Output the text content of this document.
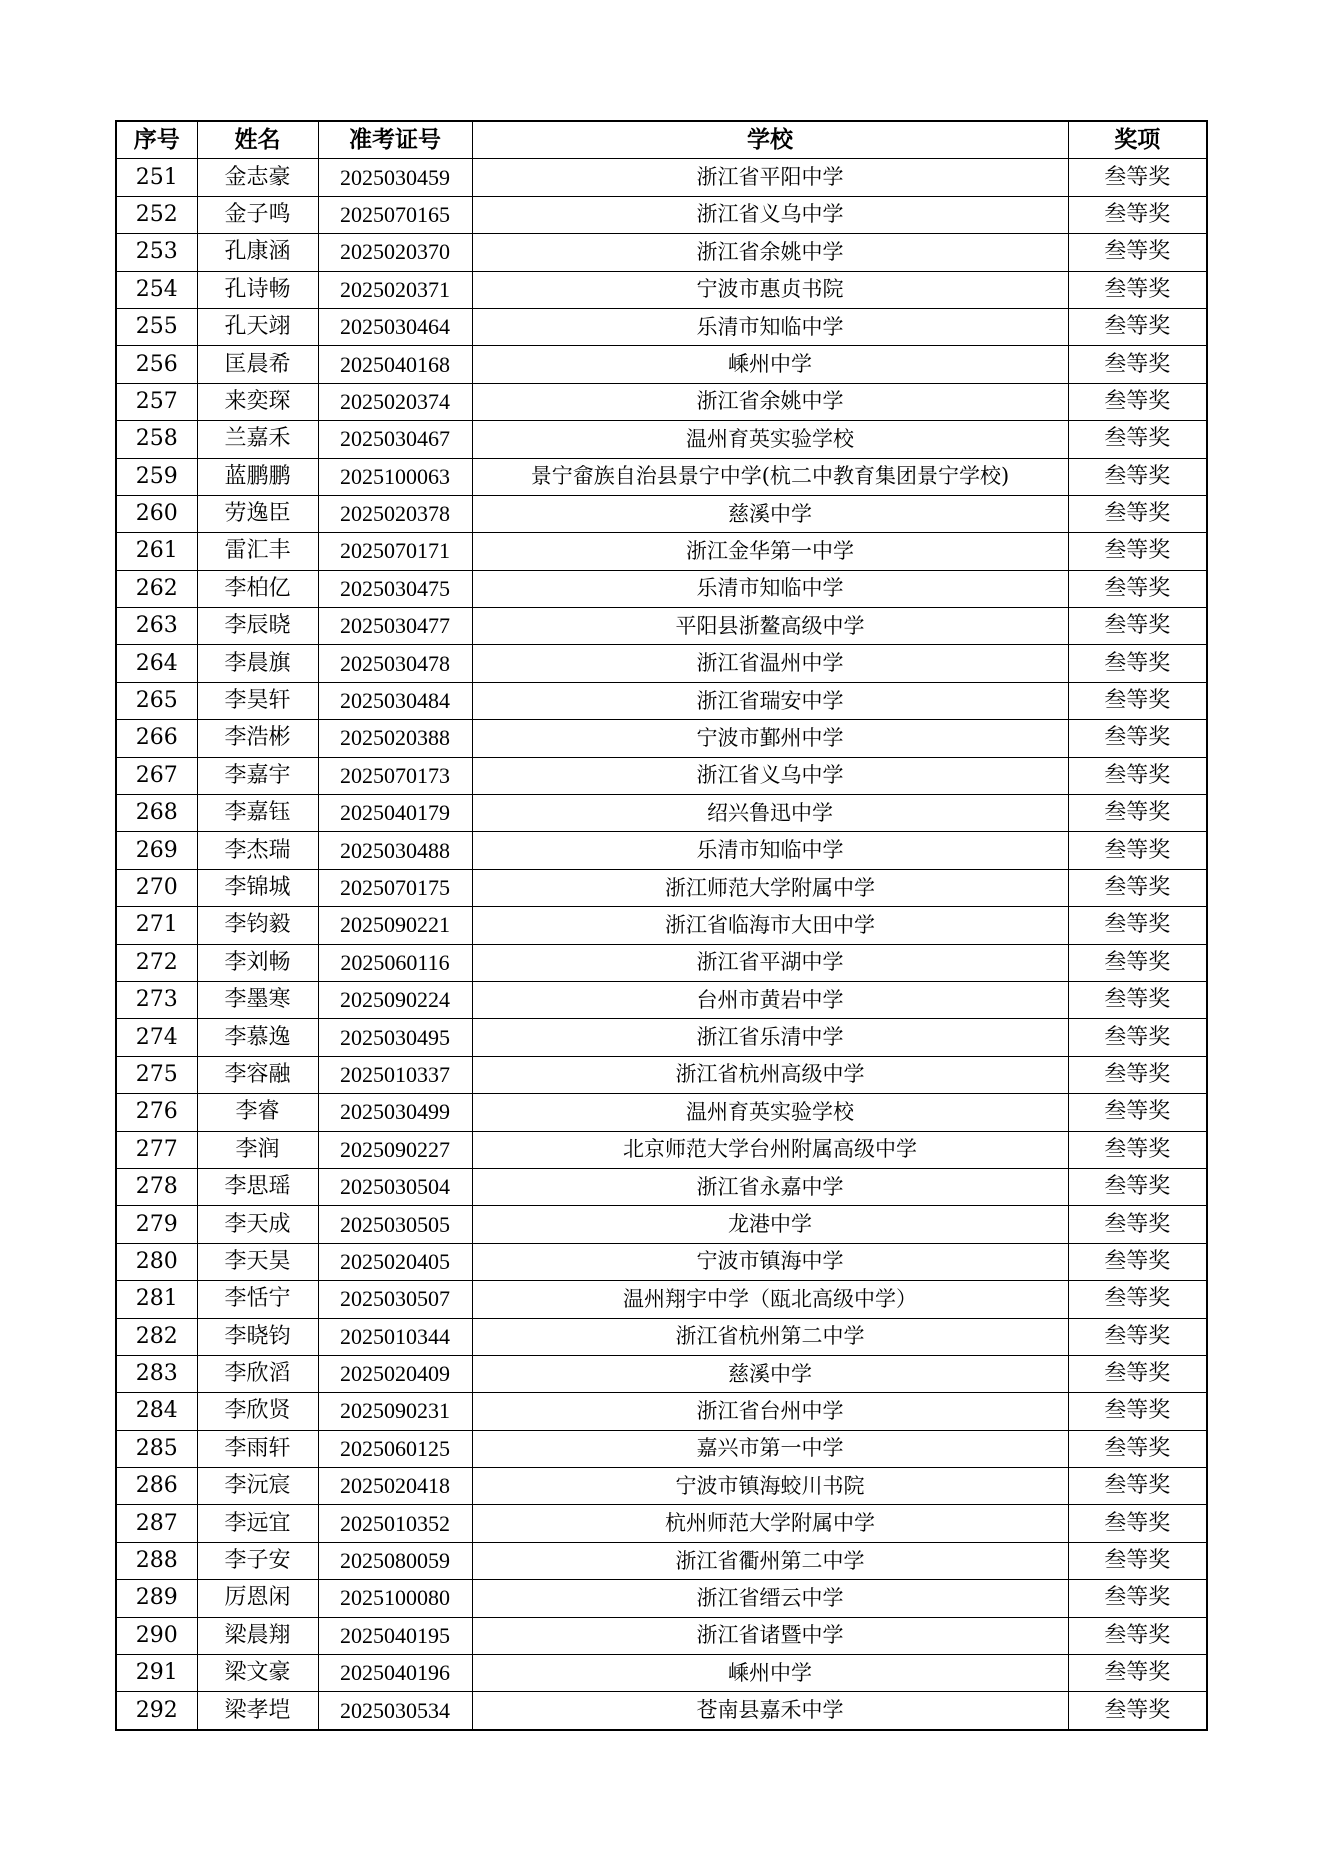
序号	姓名	准考证号	学校	奖项
251	金志豪	2025030459	浙江省平阳中学	叁等奖
252	金子鸣	2025070165	浙江省义乌中学	叁等奖
253	孔康涵	2025020370	浙江省余姚中学	叁等奖
254	孔诗畅	2025020371	宁波市惠贞书院	叁等奖
255	孔天翊	2025030464	乐清市知临中学	叁等奖
256	匡晨希	2025040168	嵊州中学	叁等奖
257	来奕琛	2025020374	浙江省余姚中学	叁等奖
258	兰嘉禾	2025030467	温州育英实验学校	叁等奖
259	蓝鹏鹏	2025100063	景宁畲族自治县景宁中学(杭二中教育集团景宁学校)	叁等奖
260	劳逸臣	2025020378	慈溪中学	叁等奖
261	雷汇丰	2025070171	浙江金华第一中学	叁等奖
262	李柏亿	2025030475	乐清市知临中学	叁等奖
263	李辰晓	2025030477	平阳县浙鳌高级中学	叁等奖
264	李晨旗	2025030478	浙江省温州中学	叁等奖
265	李昊轩	2025030484	浙江省瑞安中学	叁等奖
266	李浩彬	2025020388	宁波市鄞州中学	叁等奖
267	李嘉宇	2025070173	浙江省义乌中学	叁等奖
268	李嘉钰	2025040179	绍兴鲁迅中学	叁等奖
269	李杰瑞	2025030488	乐清市知临中学	叁等奖
270	李锦城	2025070175	浙江师范大学附属中学	叁等奖
271	李钧毅	2025090221	浙江省临海市大田中学	叁等奖
272	李刘畅	2025060116	浙江省平湖中学	叁等奖
273	李墨寒	2025090224	台州市黄岩中学	叁等奖
274	李慕逸	2025030495	浙江省乐清中学	叁等奖
275	李容融	2025010337	浙江省杭州高级中学	叁等奖
276	李睿	2025030499	温州育英实验学校	叁等奖
277	李润	2025090227	北京师范大学台州附属高级中学	叁等奖
278	李思瑶	2025030504	浙江省永嘉中学	叁等奖
279	李天成	2025030505	龙港中学	叁等奖
280	李天昊	2025020405	宁波市镇海中学	叁等奖
281	李恬宁	2025030507	温州翔宇中学（瓯北高级中学）	叁等奖
282	李晓钧	2025010344	浙江省杭州第二中学	叁等奖
283	李欣滔	2025020409	慈溪中学	叁等奖
284	李欣贤	2025090231	浙江省台州中学	叁等奖
285	李雨轩	2025060125	嘉兴市第一中学	叁等奖
286	李沅宸	2025020418	宁波市镇海蛟川书院	叁等奖
287	李远宜	2025010352	杭州师范大学附属中学	叁等奖
288	李子安	2025080059	浙江省衢州第二中学	叁等奖
289	厉恩闲	2025100080	浙江省缙云中学	叁等奖
290	梁晨翔	2025040195	浙江省诸暨中学	叁等奖
291	梁文豪	2025040196	嵊州中学	叁等奖
292	梁孝垲	2025030534	苍南县嘉禾中学	叁等奖
